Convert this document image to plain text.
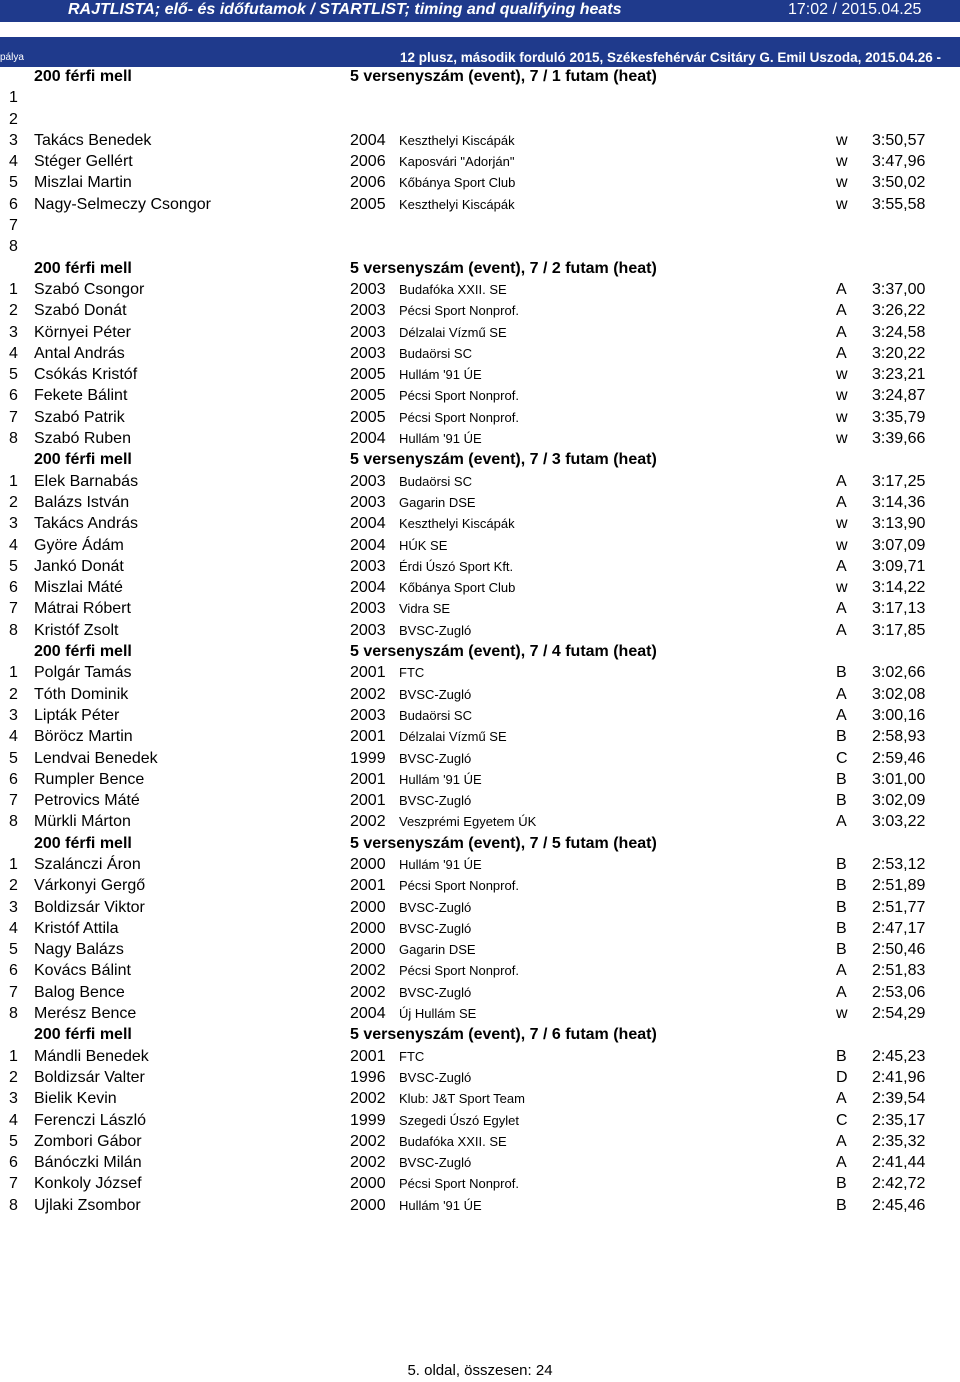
RAJTLISTA; elő- és időfutamok / STARTLIST; timing and qualifying heats	17:02 / 2015.04.25
pálya	12 plusz, második forduló 2015, Székesfehérvár Csitáry G. Emil Uszoda, 2015.04.26 -
200 férfi mell	5 versenyszám (event), 7 / 1 futam (heat)
1
2
3 Takács Benedek	2004 Keszthelyi Kiscápák	w 3:50,57
4 Stéger Gellért	2006 Kaposvári "Adorján"	w 3:47,96
5 Miszlai Martin	2006 Kőbánya Sport Club	w 3:50,02
6 Nagy-Selmeczy Csongor	2005 Keszthelyi Kiscápák	w 3:55,58
7
8
200 férfi mell	5 versenyszám (event), 7 / 2 futam (heat)
1 Szabó Csongor	2003 Budafóka XXII. SE	A 3:37,00
2 Szabó Donát	2003 Pécsi Sport Nonprof.	A 3:26,22
3 Környei Péter	2003 Délzalai Vízmű SE	A 3:24,58
4 Antal András	2003 Budaörsi SC	A 3:20,22
5 Csókás Kristóf	2005 Hullám '91 ÚE	w 3:23,21
6 Fekete Bálint	2005 Pécsi Sport Nonprof.	w 3:24,87
7 Szabó Patrik	2005 Pécsi Sport Nonprof.	w 3:35,79
8 Szabó Ruben	2004 Hullám '91 ÚE	w 3:39,66
200 férfi mell	5 versenyszám (event), 7 / 3 futam (heat)
1 Elek Barnabás	2003 Budaörsi SC	A 3:17,25
2 Balázs István	2003 Gagarin DSE	A 3:14,36
3 Takács András	2004 Keszthelyi Kiscápák	w 3:13,90
4 Györe Ádám	2004 HÚK SE	w 3:07,09
5 Jankó Donát	2003 Érdi Úszó Sport Kft.	A 3:09,71
6 Miszlai Máté	2004 Kőbánya Sport Club	w 3:14,22
7 Mátrai Róbert	2003 Vidra SE	A 3:17,13
8 Kristóf Zsolt	2003 BVSC-Zugló	A 3:17,85
200 férfi mell	5 versenyszám (event), 7 / 4 futam (heat)
1 Polgár Tamás	2001 FTC	B 3:02,66
2 Tóth Dominik	2002 BVSC-Zugló	A 3:02,08
3 Lipták Péter	2003 Budaörsi SC	A 3:00,16
4 Böröcz Martin	2001 Délzalai Vízmű SE	B 2:58,93
5 Lendvai Benedek	1999 BVSC-Zugló	C 2:59,46
6 Rumpler Bence	2001 Hullám '91 ÚE	B 3:01,00
7 Petrovics Máté	2001 BVSC-Zugló	B 3:02,09
8 Mürkli Márton	2002 Veszprémi Egyetem ÚK	A 3:03,22
200 férfi mell	5 versenyszám (event), 7 / 5 futam (heat)
1 Szalánczi Áron	2000 Hullám '91 ÚE	B 2:53,12
2 Várkonyi Gergő	2001 Pécsi Sport Nonprof.	B 2:51,89
3 Boldizsár Viktor	2000 BVSC-Zugló	B 2:51,77
4 Kristóf Attila	2000 BVSC-Zugló	B 2:47,17
5 Nagy Balázs	2000 Gagarin DSE	B 2:50,46
6 Kovács Bálint	2002 Pécsi Sport Nonprof.	A 2:51,83
7 Balog Bence	2002 BVSC-Zugló	A 2:53,06
8 Merész Bence	2004 Új Hullám SE	w 2:54,29
200 férfi mell	5 versenyszám (event), 7 / 6 futam (heat)
1 Mándli Benedek	2001 FTC	B 2:45,23
2 Boldizsár Valter	1996 BVSC-Zugló	D 2:41,96
3 Bielik Kevin	2002 Klub: J&T Sport Team	A 2:39,54
4 Ferenczi László	1999 Szegedi Úszó Egylet	C 2:35,17
5 Zombori Gábor	2002 Budafóka XXII. SE	A 2:35,32
6 Bánóczki Milán	2002 BVSC-Zugló	A 2:41,44
7 Konkoly József	2000 Pécsi Sport Nonprof.	B 2:42,72
8 Ujlaki Zsombor	2000 Hullám '91 ÚE	B 2:45,46
5. oldal, összesen: 24
